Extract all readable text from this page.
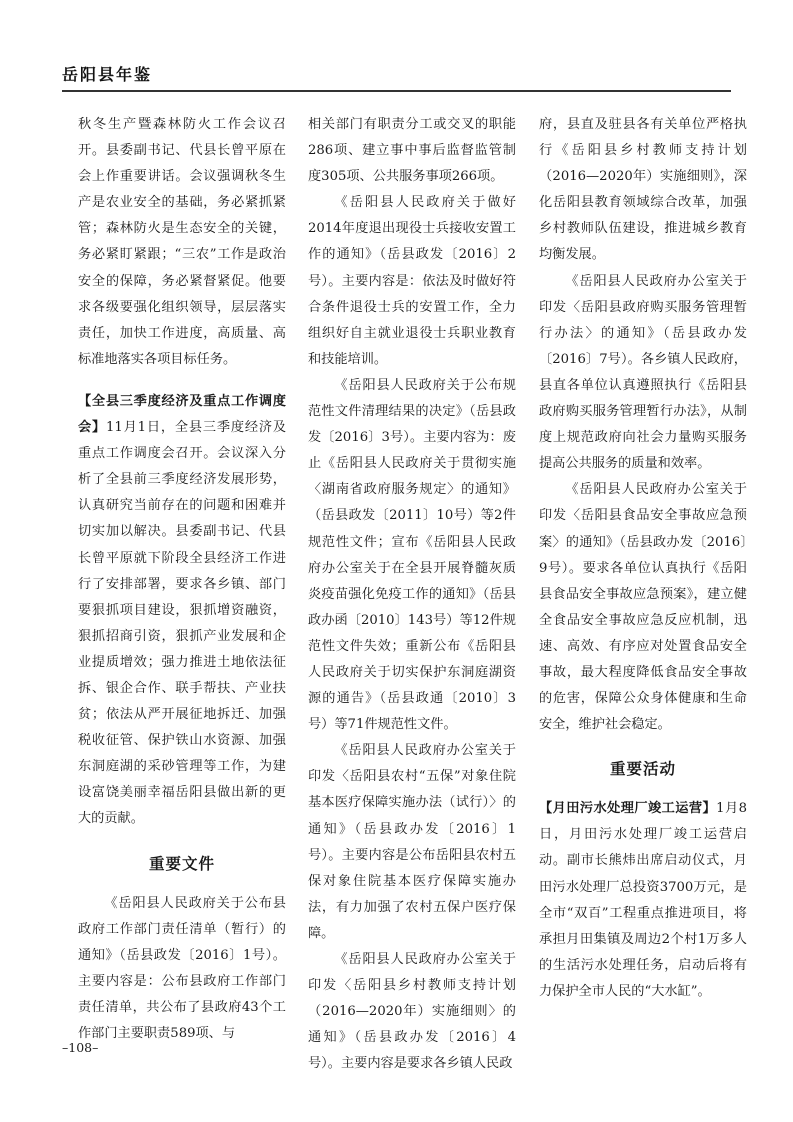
岳阳县年鉴

秋冬生产暨森林防火工作会议召开。县委副书记、代县长曾平原在会上作重要讲话。会议强调秋冬生产是农业安全的基础，务必紧抓紧管；森林防火是生态安全的关键，务必紧盯紧跟；“三农”工作是政治安全的保障，务必紧督紧促。他要求各级要强化组织领导，层层落实责任，加快工作进度，高质量、高标准地落实各项目标任务。

【全县三季度经济及重点工作调度会】11月1日，全县三季度经济及重点工作调度会召开。会议深入分析了全县前三季度经济发展形势，认真研究当前存在的问题和困难并切实加以解决。县委副书记、代县长曾平原就下阶段全县经济工作进行了安排部署，要求各乡镇、部门要狠抓项目建设，狠抓增资融资，狠抓招商引资，狠抓产业发展和企业提质增效；强力推进土地依法征拆、银企合作、联手帮扶、产业扶贫；依法从严开展征地拆迁、加强税收征管、保护铁山水资源、加强东洞庭湖的采砂管理等工作，为建设富饶美丽幸福岳阳县做出新的更大的贡献。

重要文件

《岳阳县人民政府关于公布县政府工作部门责任清单（暂行）的通知》（岳县政发〔2016〕1号）。主要内容是：公布县政府工作部门责任清单，共公布了县政府43个工作部门主要职责589项、与

相关部门有职责分工或交叉的职能286项、建立事中事后监督监管制度305项、公共服务事项266项。

《岳阳县人民政府关于做好2014年度退出现役士兵接收安置工作的通知》（岳县政发〔2016〕2号）。主要内容是：依法及时做好符合条件退役士兵的安置工作，全力组织好自主就业退役士兵职业教育和技能培训。

《岳阳县人民政府关于公布规范性文件清理结果的决定》（岳县政发〔2016〕3号）。主要内容为：废止《岳阳县人民政府关于贯彻实施〈湖南省政府服务规定〉的通知》（岳县政发〔2011〕10号）等2件规范性文件；宣布《岳阳县人民政府办公室关于在全县开展脊髓灰质炎疫苗强化免疫工作的通知》（岳县政办函〔2010〕143号）等12件规范性文件失效；重新公布《岳阳县人民政府关于切实保护东洞庭湖资源的通告》（岳县政通〔2010〕3号）等71件规范性文件。

《岳阳县人民政府办公室关于印发〈岳阳县农村“五保”对象住院基本医疗保障实施办法（试行）〉的通知》（岳县政办发〔2016〕1号）。主要内容是公布岳阳县农村五保对象住院基本医疗保障实施办法，有力加强了农村五保户医疗保障。

《岳阳县人民政府办公室关于印发〈岳阳县乡村教师支持计划（2016—2020年）实施细则〉的通知》（岳县政办发〔2016〕4号）。主要内容是要求各乡镇人民政

府，县直及驻县各有关单位严格执行《岳阳县乡村教师支持计划（2016—2020年）实施细则》，深化岳阳县教育领域综合改革，加强乡村教师队伍建设，推进城乡教育均衡发展。

《岳阳县人民政府办公室关于印发〈岳阳县政府购买服务管理暂行办法〉的通知》（岳县政办发〔2016〕7号）。各乡镇人民政府，县直各单位认真遵照执行《岳阳县政府购买服务管理暂行办法》，从制度上规范政府向社会力量购买服务提高公共服务的质量和效率。

《岳阳县人民政府办公室关于印发〈岳阳县食品安全事故应急预案〉的通知》（岳县政办发〔2016〕9号）。要求各单位认真执行《岳阳县食品安全事故应急预案》，建立健全食品安全事故应急反应机制，迅速、高效、有序应对处置食品安全事故，最大程度降低食品安全事故的危害，保障公众身体健康和生命安全，维护社会稳定。

重要活动

【月田污水处理厂竣工运营】1月8日，月田污水处理厂竣工运营启动。副市长熊炜出席启动仪式，月田污水处理厂总投资3700万元，是全市“双百”工程重点推进项目，将承担月田集镇及周边2个村1万多人的生活污水处理任务，启动后将有力保护全市人民的“大水缸”。

–108–
